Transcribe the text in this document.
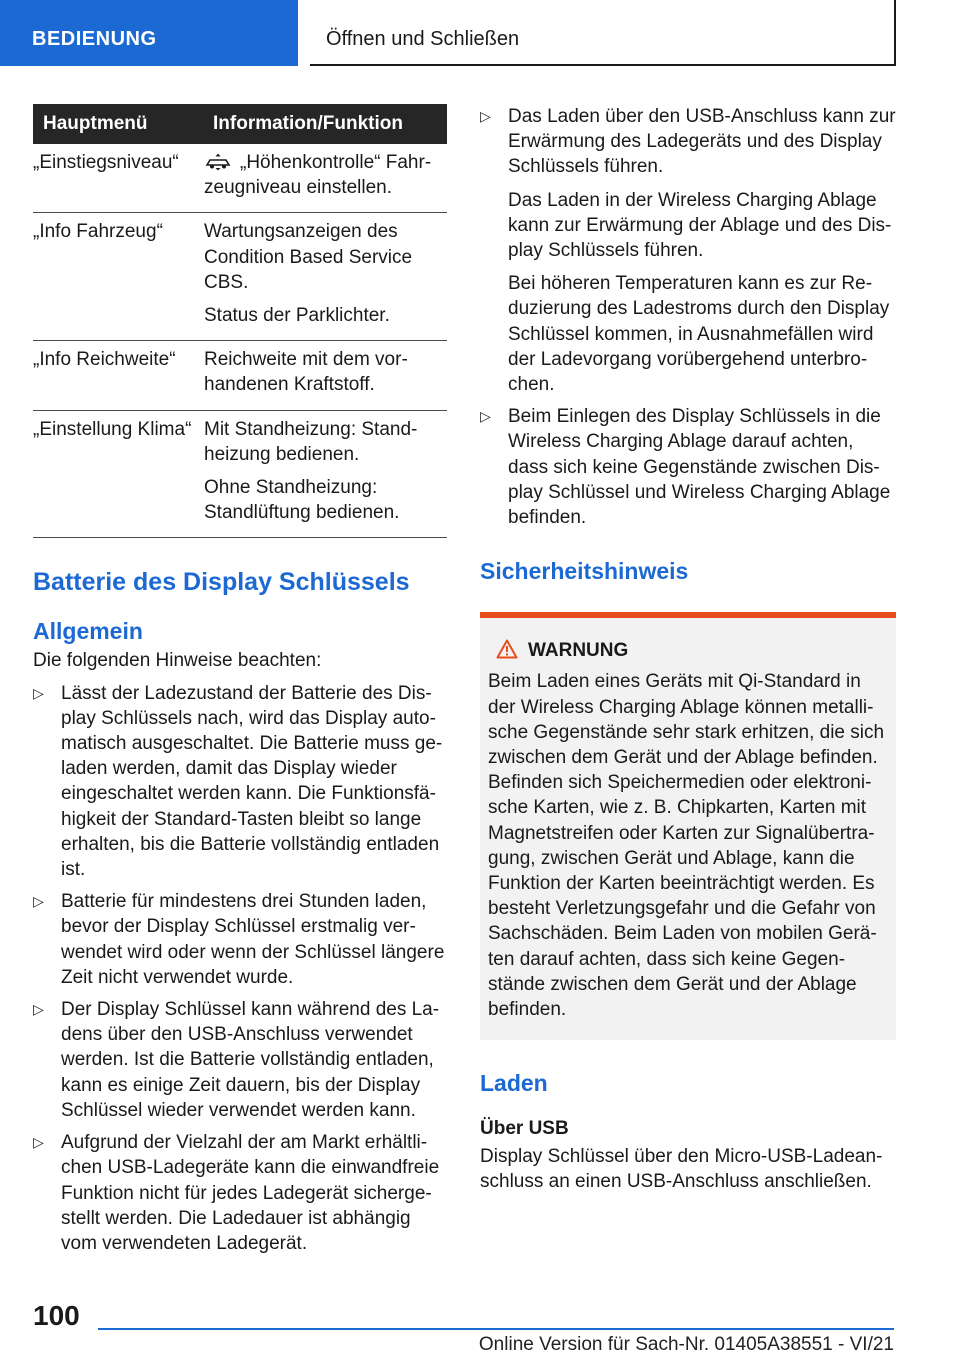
BEDIENUNG	Öffnen und Schließen
Hauptmenü	Information/Funktion
„Einstiegsniveau“	„Höhenkontrolle“ Fahrzeugniveau einstellen.

„Info Fahrzeug“	Wartungsanzeigen des Condition Based Service CBS.

Status der Parklichter.

„Info Reichweite“	Reichweite mit dem vorhandenen Kraftstoff.

„Einstellung Klima“	Mit Standheizung: Standheizung bedienen.

Ohne Standheizung: Standlüftung bedienen.

Batterie des Display Schlüssels
Allgemein

Die folgenden Hinweise beachten:

▷ Lässt der Ladezustand der Batterie des Display Schlüssels nach, wird das Display automatisch ausgeschaltet. Die Batterie muss geladen werden, damit das Display wieder eingeschaltet werden kann. Die Funktionsfähigkeit der Standard-Tasten bleibt so lange erhalten, bis die Batterie vollständig entladen ist.
▷ Batterie für mindestens drei Stunden laden, bevor der Display Schlüssel erstmalig verwendet wird oder wenn der Schlüssel längere Zeit nicht verwendet wurde.
▷ Der Display Schlüssel kann während des Ladens über den USB-Anschluss verwendet werden. Ist die Batterie vollständig entladen, kann es einige Zeit dauern, bis der Display Schlüssel wieder verwendet werden kann.
▷ Aufgrund der Vielzahl der am Markt erhältlichen USB-Ladegeräte kann die einwandfreie Funktion nicht für jedes Ladegerät sichergestellt werden. Die Ladedauer ist abhängig vom verwendeten Ladegerät.

▷ Das Laden über den USB-Anschluss kann zur Erwärmung des Ladegeräts und des Display Schlüssels führen.

Das Laden in der Wireless Charging Ablage kann zur Erwärmung der Ablage und des Display Schlüssels führen.

Bei höheren Temperaturen kann es zur Reduzierung des Ladestroms durch den Display Schlüssel kommen, in Ausnahmefällen wird der Ladevorgang vorübergehend unterbrochen.

▷ Beim Einlegen des Display Schlüssels in die Wireless Charging Ablage darauf achten, dass sich keine Gegenstände zwischen Display Schlüssel und Wireless Charging Ablage befinden.

Sicherheitshinweis
WARNUNG

Beim Laden eines Geräts mit Qi-Standard in der Wireless Charging Ablage können metallische Gegenstände sehr stark erhitzen, die sich zwischen dem Gerät und der Ablage befinden. Befinden sich Speichermedien oder elektronische Karten, wie z. B. Chipkarten, Karten mit Magnetstreifen oder Karten zur Signalübertragung, zwischen Gerät und Ablage, kann die Funktion der Karten beeinträchtigt werden. Es besteht Verletzungsgefahr und die Gefahr von Sachschäden. Beim Laden von mobilen Geräten darauf achten, dass sich keine Gegenstände zwischen dem Gerät und der Ablage befinden.

Laden
Über USB

Display Schlüssel über den Micro-USB-Ladeanschluss an einen USB-Anschluss anschließen.

100
Online Version für Sach-Nr. 01405A38551 - VI/21
